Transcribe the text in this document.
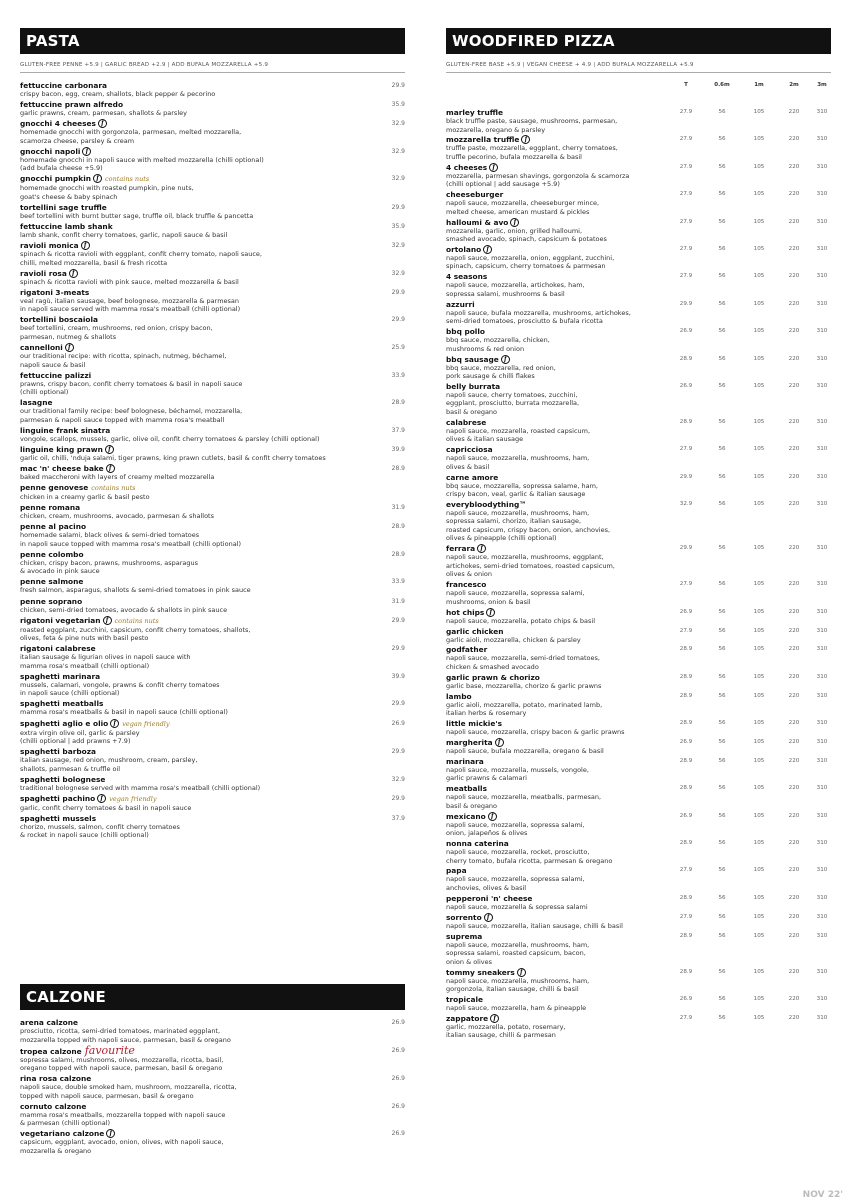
PASTA
GLUTEN-FREE PENNE +5.9 | GARLIC BREAD +2.9 | ADD BUFALA MOZZARELLA +5.9
fettuccine carbonara
crispy bacon, egg, cream, shallots, black pepper & pecorino
29.9
fettuccine prawn alfredo
garlic prawns, cream, parmesan, shallots & parsley
35.9
gnocchi 4 cheeses f
homemade gnocchi with gorgonzola, parmesan, melted mozzarella,
scamorza cheese, parsley & cream
32.9
gnocchi napoli f
homemade gnocchi in napoli sauce with melted mozzarella (chilli optional)
(add bufala cheese +5.9)
32.9
gnocchi pumpkin f contains nuts
homemade gnocchi with roasted pumpkin, pine nuts,
goat's cheese & baby spinach
32.9
tortellini sage truffle
beef tortellini with burnt butter sage, truffle oil, black truffle & pancetta
29.9
fettuccine lamb shank
lamb shank, confit cherry tomatoes, garlic, napoli sauce & basil
35.9
ravioli monica f
spinach & ricotta ravioli with eggplant, confit cherry tomato, napoli sauce,
chilli, melted mozzarella, basil & fresh ricotta
32.9
ravioli rosa f
spinach & ricotta ravioli with pink sauce, melted mozzarella & basil
32.9
rigatoni 3-meats
veal ragù, italian sausage, beef bolognese, mozzarella & parmesan
in napoli sauce served with mamma rosa's meatball (chilli optional)
29.9
tortellini boscaiola
beef tortellini, cream, mushrooms, red onion, crispy bacon,
parmesan, nutmeg & shallots
29.9
cannelloni f
our traditional recipe: with ricotta, spinach, nutmeg, béchamel,
napoli sauce & basil
25.9
fettuccine palizzi
prawns, crispy bacon, confit cherry tomatoes & basil in napoli sauce
(chilli optional)
33.9
lasagne
our traditional family recipe: beef bolognese, béchamel, mozzarella,
parmesan & napoli sauce topped with mamma rosa's meatball
28.9
linguine frank sinatra
vongole, scallops, mussels, garlic, olive oil, confit cherry tomatoes & parsley (chilli optional)
37.9
linguine king prawn f
garlic oil, chilli, 'nduja salami, tiger prawns, king prawn cutlets, basil & confit cherry tomatoes
39.9
mac 'n' cheese bake f
baked maccheroni with layers of creamy melted mozzarella
28.9
penne genovese contains nuts
chicken in a creamy garlic & basil pesto
penne romana
chicken, cream, mushrooms, avocado, parmesan & shallots
31.9
penne al pacino
homemade salami, black olives & semi-dried tomatoes
in napoli sauce topped with mamma rosa's meatball (chilli optional)
28.9
penne colombo
chicken, crispy bacon, prawns, mushrooms, asparagus
& avocado in pink sauce
28.9
penne salmone
fresh salmon, asparagus, shallots & semi-dried tomatoes in pink sauce
33.9
penne soprano
chicken, semi-dried tomatoes, avocado & shallots in pink sauce
31.9
rigatoni vegetarian f contains nuts
roasted eggplant, zucchini, capsicum, confit cherry tomatoes, shallots,
olives, feta & pine nuts with basil pesto
29.9
rigatoni calabrese
italian sausage & ligurian olives in napoli sauce with
mamma rosa's meatball (chilli optional)
29.9
spaghetti marinara
mussels, calamari, vongole, prawns & confit cherry tomatoes
in napoli sauce (chilli optional)
39.9
spaghetti meatballs
mamma rosa's meatballs & basil in napoli sauce (chilli optional)
29.9
spaghetti aglio e olio f vegan friendly
extra virgin olive oil, garlic & parsley
(chilli optional | add prawns +7.9)
26.9
spaghetti barboza
italian sausage, red onion, mushroom, cream, parsley,
shallots, parmesan & truffle oil
29.9
spaghetti bolognese
traditional bolognese served with mamma rosa's meatball (chilli optional)
32.9
spaghetti pachino f vegan friendly
garlic, confit cherry tomatoes & basil in napoli sauce
29.9
spaghetti mussels
chorizo, mussels, salmon, confit cherry tomatoes
& rocket in napoli sauce (chilli optional)
37.9
CALZONE
arena calzone
prosciutto, ricotta, semi-dried tomatoes, marinated eggplant,
mozzarella topped with napoli sauce, parmesan, basil & oregano
26.9
tropea calzone favourite
sopressa salami, mushrooms, olives, mozzarella, ricotta, basil,
oregano topped with napoli sauce, parmesan, basil & oregano
26.9
rina rosa calzone
napoli sauce, double smoked ham, mushroom, mozzarella, ricotta,
topped with napoli sauce, parmesan, basil & oregano
26.9
cornuto calzone
mamma rosa's meatballs, mozzarella topped with napoli sauce
& parmesan (chilli optional)
26.9
vegetariano calzone f
capsicum, eggplant, avocado, onion, olives, with napoli sauce,
mozzarella & oregano
26.9
WOODFIRED PIZZA
GLUTEN-FREE BASE +5.9 | VEGAN CHEESE + 4.9 | ADD BUFALA MOZZARELLA +5.9
T	0.6m	1m	2m	3m
marley truffle
black truffle paste, sausage, mushrooms, parmesan,
mozzarella, oregano & parsley
27.9	56	105	220	310
mozzarella truffle f
truffle paste, mozzarella, eggplant, cherry tomatoes,
truffle pecorino, bufala mozzarella & basil
27.9	56	105	220	310
4 cheeses f
mozzarella, parmesan shavings, gorgonzola & scamorza
(chilli optional | add sausage +5.9)
27.9	56	105	220	310
cheeseburger
napoli sauce, mozzarella, cheeseburger mince,
melted cheese, american mustard & pickles
27.9	56	105	220	310
halloumi & avo f
mozzarella, garlic, onion, grilled halloumi,
smashed avocado, spinach, capsicum & potatoes
27.9	56	105	220	310
ortolano f
napoli sauce, mozzarella, onion, eggplant, zucchini,
spinach, capsicum, cherry tomatoes & parmesan
27.9	56	105	220	310
4 seasons
napoli sauce, mozzarella, artichokes, ham,
sopressa salami, mushrooms & basil
27.9	56	105	220	310
azzurri
napoli sauce, bufala mozzarella, mushrooms, artichokes,
semi-dried tomatoes, prosciutto & bufala ricotta
29.9	56	105	220	310
bbq pollo
bbq sauce, mozzarella, chicken,
mushrooms & red onion
26.9	56	105	220	310
bbq sausage f
bbq sauce, mozzarella, red onion,
pork sausage & chilli flakes
28.9	56	105	220	310
belly burrata
napoli sauce, cherry tomatoes, zucchini,
eggplant, prosciutto, burrata mozzarella,
basil & oregano
26.9	56	105	220	310
calabrese
napoli sauce, mozzarella, roasted capsicum,
olives & italian sausage
28.9	56	105	220	310
capricciosa
napoli sauce, mozzarella, mushrooms, ham,
olives & basil
27.9	56	105	220	310
carne amore
bbq sauce, mozzarella, sopressa salame, ham,
crispy bacon, veal, garlic & italian sausage
29.9	56	105	220	310
everybloodything™
napoli sauce, mozzarella, mushrooms, ham,
sopressa salami, chorizo, italian sausage,
roasted capsicum, crispy bacon, onion, anchovies,
olives & pineapple (chilli optional)
32.9	56	105	220	310
ferrara f
napoli sauce, mozzarella, mushrooms, eggplant,
artichokes, semi-dried tomatoes, roasted capsicum,
olives & onion
29.9	56	105	220	310
francesco
napoli sauce, mozzarella, sopressa salami,
mushrooms, onion & basil
27.9	56	105	220	310
hot chips f
napoli sauce, mozzarella, potato chips & basil
26.9	56	105	220	310
garlic chicken
garlic aioli, mozzarella, chicken & parsley
27.9	56	105	220	310
godfather
napoli sauce, mozzarella, semi-dried tomatoes,
chicken & smashed avocado
28.9	56	105	220	310
garlic prawn & chorizo
garlic base, mozzarella, chorizo & garlic prawns
28.9	56	105	220	310
lambo
garlic aioli, mozzarella, potato, marinated lamb,
italian herbs & rosemary
28.9	56	105	220	310
little mickie's
napoli sauce, mozzarella, crispy bacon & garlic prawns
28.9	56	105	220	310
margherita f
napoli sauce, bufala mozzarella, oregano & basil
26.9	56	105	220	310
marinara
napoli sauce, mozzarella, mussels, vongole,
garlic prawns & calamari
28.9	56	105	220	310
meatballs
napoli sauce, mozzarella, meatballs, parmesan,
basil & oregano
28.9	56	105	220	310
mexicano f
napoli sauce, mozzarella, sopressa salami,
onion, jalapeños & olives
26.9	56	105	220	310
nonna caterina
napoli sauce, mozzarella, rocket, prosciutto,
cherry tomato, bufala ricotta, parmesan & oregano
28.9	56	105	220	310
papa
napoli sauce, mozzarella, sopressa salami,
anchovies, olives & basil
27.9	56	105	220	310
pepperoni 'n' cheese
napoli sauce, mozzarella & sopressa salami
28.9	56	105	220	310
sorrento f
napoli sauce, mozzarella, italian sausage, chilli & basil
27.9	56	105	220	310
suprema
napoli sauce, mozzarella, mushrooms, ham,
sopressa salami, roasted capsicum, bacon,
onion & olives
28.9	56	105	220	310
tommy sneakers f
napoli sauce, mozzarella, mushrooms, ham,
gorgonzola, italian sausage, chilli & basil
28.9	56	105	220	310
tropicale
napoli sauce, mozzarella, ham & pineapple
26.9	56	105	220	310
zappatore f
garlic, mozzarella, potato, rosemary,
italian sausage, chilli & parmesan
27.9	56	105	220	310
NOV 22'
